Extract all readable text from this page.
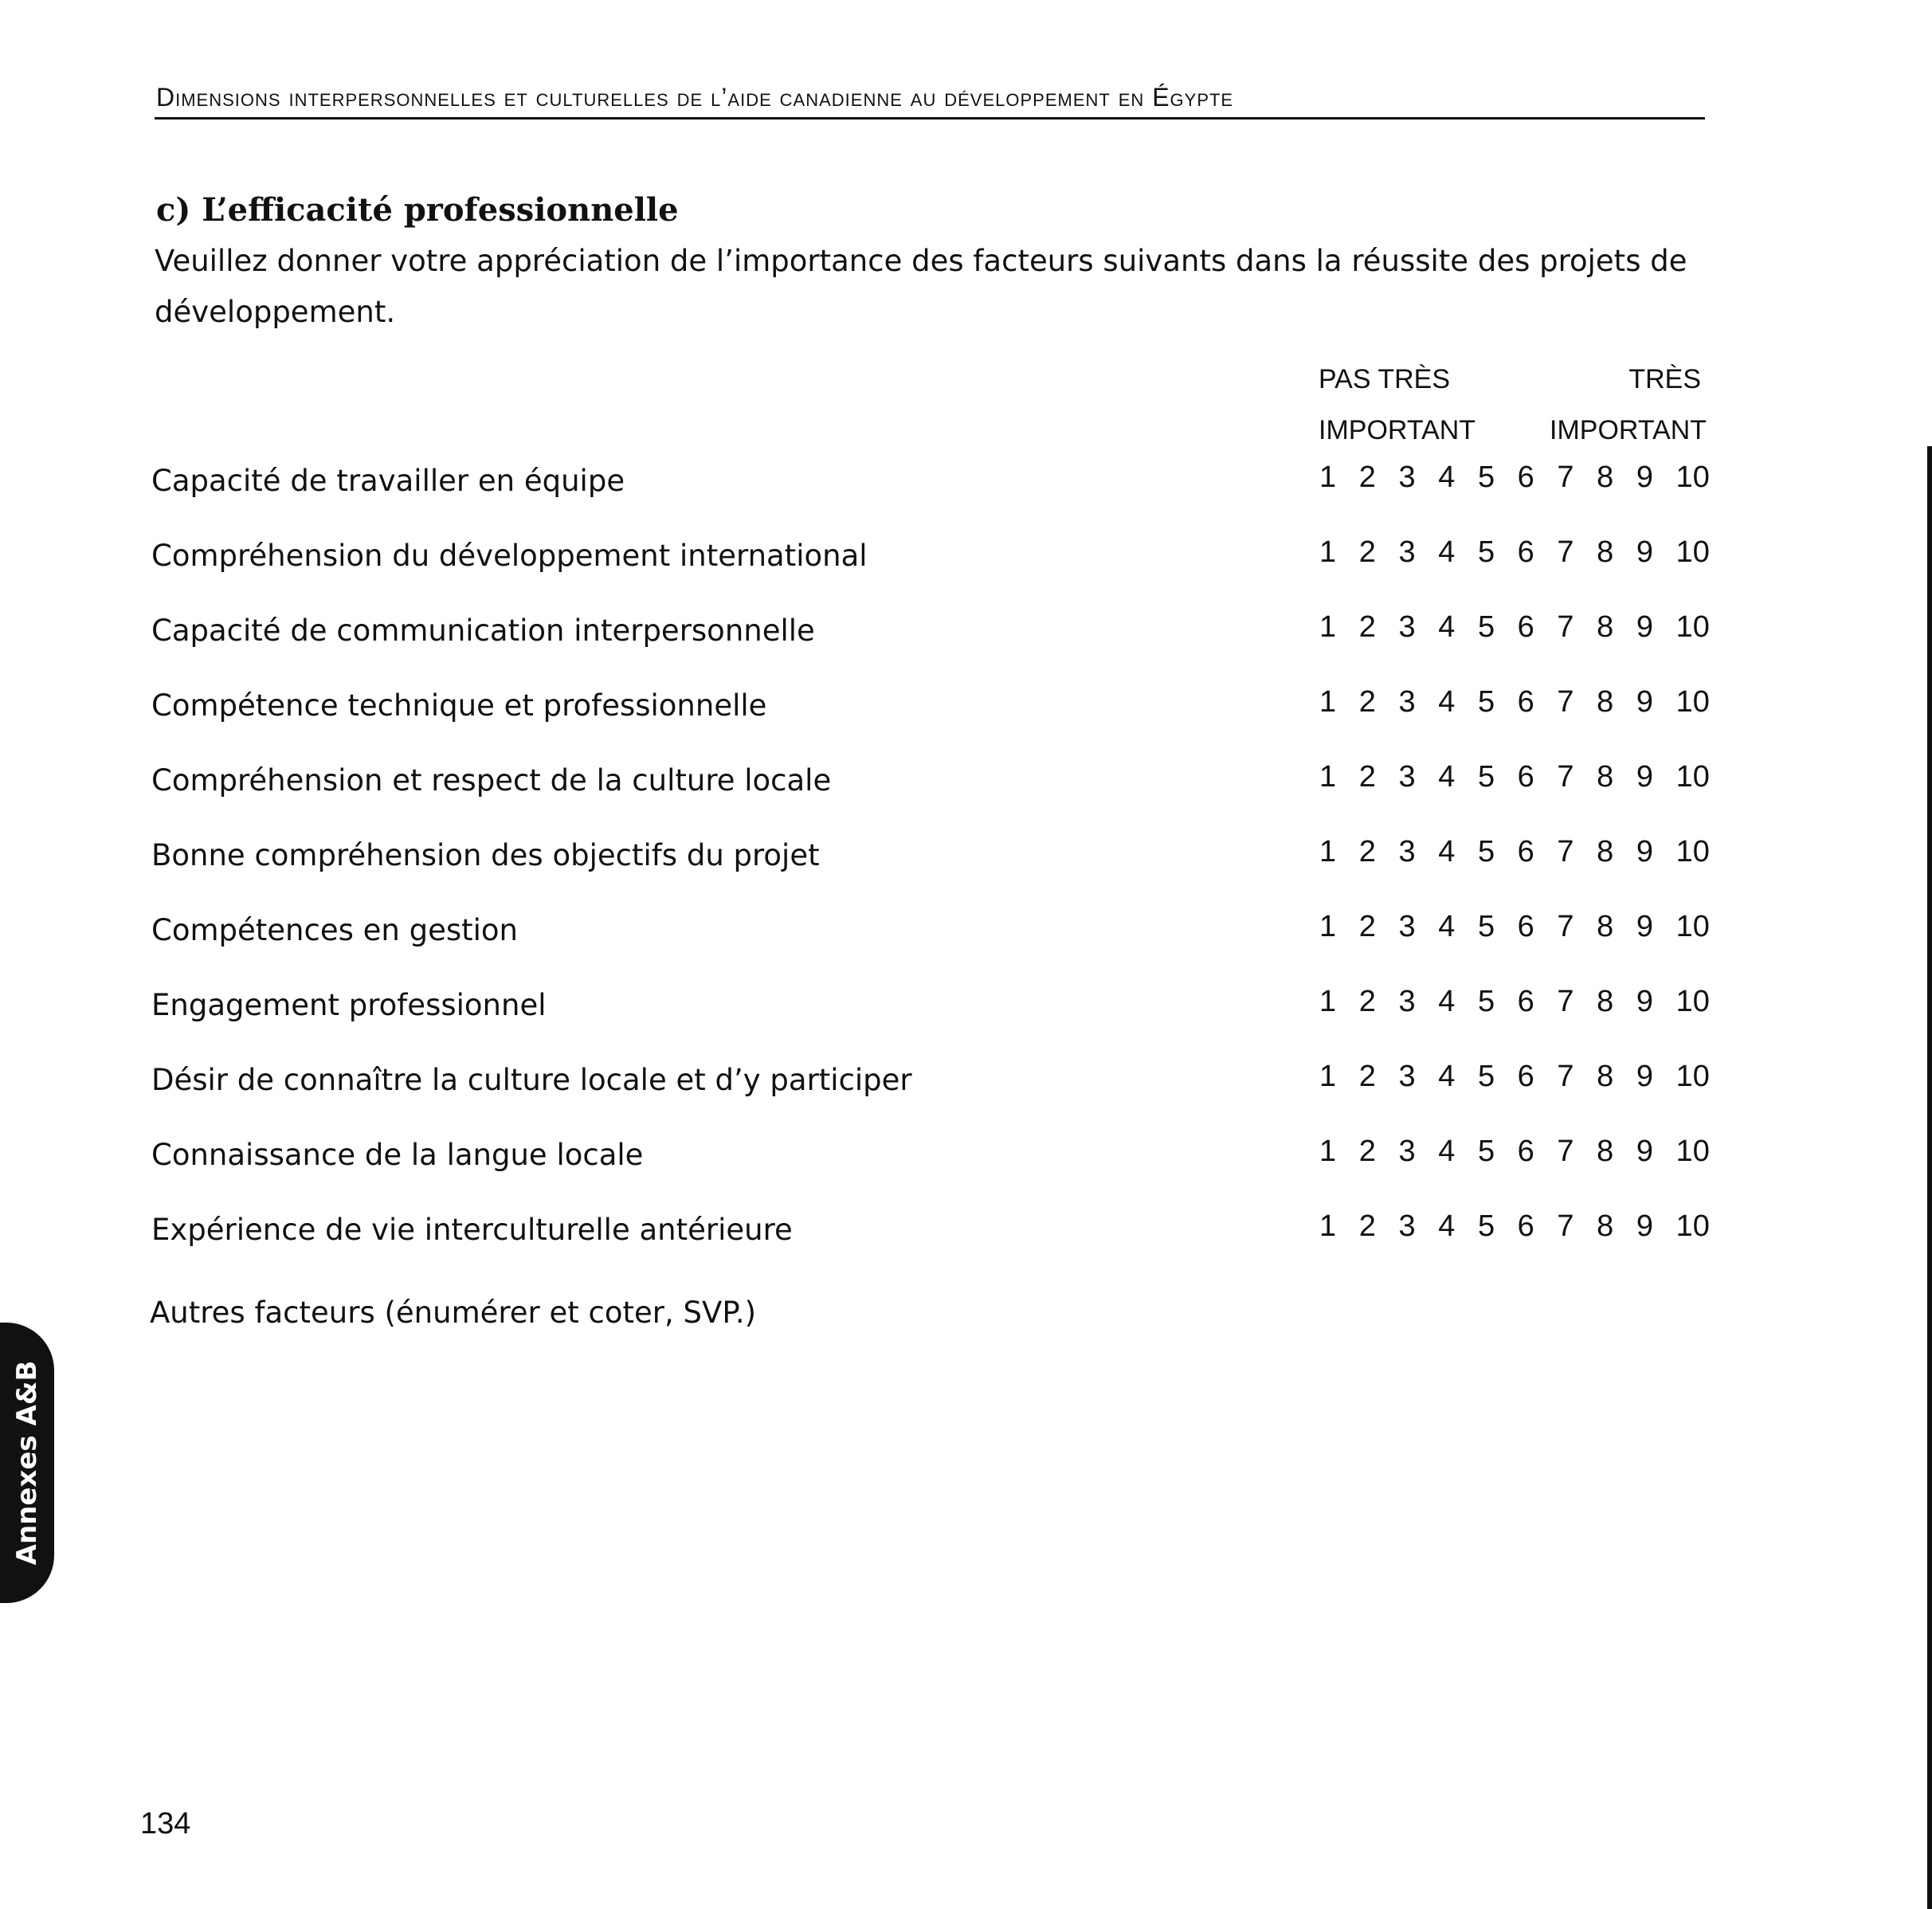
Dimensions interpersonnelles et culturelles de l’aide canadienne au développement en Égypte
c) L’efficacité professionnelle
Veuillez donner votre appréciation de l’importance des facteurs suivants dans la réussite des projets de développement.
PAS TRÈS
IMPORTANT
TRÈS
IMPORTANT
Capacité de travailler en équipe	1 2 3 4 5 6 7 8 9 10
Compréhension du développement international	1 2 3 4 5 6 7 8 9 10
Capacité de communication interpersonnelle	1 2 3 4 5 6 7 8 9 10
Compétence technique et professionnelle	1 2 3 4 5 6 7 8 9 10
Compréhension et respect de la culture locale	1 2 3 4 5 6 7 8 9 10
Bonne compréhension des objectifs du projet	1 2 3 4 5 6 7 8 9 10
Compétences en gestion	1 2 3 4 5 6 7 8 9 10
Engagement professionnel	1 2 3 4 5 6 7 8 9 10
Désir de connaître la culture locale et d’y participer	1 2 3 4 5 6 7 8 9 10
Connaissance de la langue locale	1 2 3 4 5 6 7 8 9 10
Expérience de vie interculturelle antérieure	1 2 3 4 5 6 7 8 9 10
Autres facteurs (énumérer et coter, SVP.)
Annexes A&B
134
